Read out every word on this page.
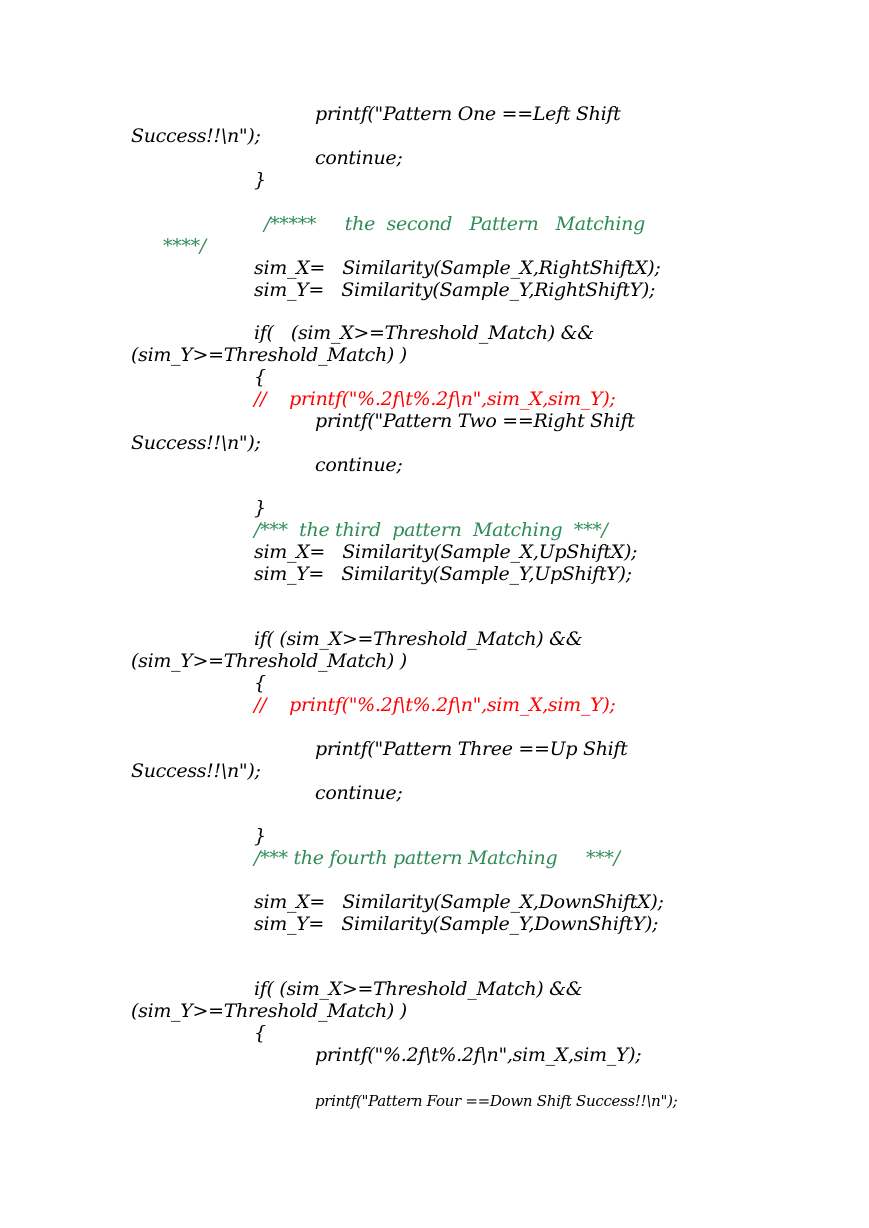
printf("Pattern One ==Left Shift
Success!!\n");
continue;
}
/*****     the  second   Pattern   Matching
****/
sim_X=   Similarity(Sample_X,RightShiftX);
sim_Y=   Similarity(Sample_Y,RightShiftY);
if(   (sim_X>=Threshold_Match) &&
(sim_Y>=Threshold_Match) )
{
//    printf("%.2f\t%.2f\n",sim_X,sim_Y);
printf("Pattern Two ==Right Shift
Success!!\n");
continue;
}
/***  the third  pattern  Matching  ***/
sim_X=   Similarity(Sample_X,UpShiftX);
sim_Y=   Similarity(Sample_Y,UpShiftY);
if( (sim_X>=Threshold_Match) &&
(sim_Y>=Threshold_Match) )
{
//    printf("%.2f\t%.2f\n",sim_X,sim_Y);
printf("Pattern Three ==Up Shift
Success!!\n");
continue;
}
/*** the fourth pattern Matching     ***/
sim_X=   Similarity(Sample_X,DownShiftX);
sim_Y=   Similarity(Sample_Y,DownShiftY);
if( (sim_X>=Threshold_Match) &&
(sim_Y>=Threshold_Match) )
{
printf("%.2f\t%.2f\n",sim_X,sim_Y);
printf("Pattern Four ==Down Shift Success!!\n");
